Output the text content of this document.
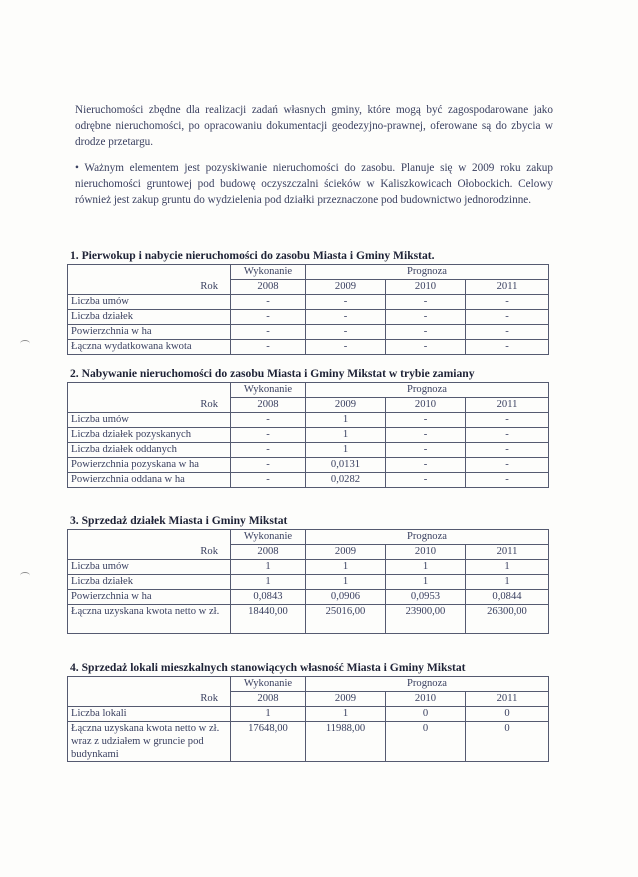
Nieruchomości zbędne dla realizacji zadań własnych gminy, które mogą być zagospodarowane jako odrębne nieruchomości, po opracowaniu dokumentacji geodezyjno-prawnej, oferowane są do zbycia w drodze przetargu.
• Ważnym elementem jest pozyskiwanie nieruchomości do zasobu. Planuje się w 2009 roku zakup nieruchomości gruntowej pod budowę oczyszczalni ścieków w Kaliszkowicach Ołobockich. Celowy również jest zakup gruntu do wydzielenia pod działki przeznaczone pod budownictwo jednorodzinne.
1. Pierwokup i nabycie nieruchomości do zasobu Miasta i Gminy Mikstat.
	Wykonanie	Prognoza		
Rok	2008	2009	2010	2011
Liczba umów	-	-	-	-
Liczba działek	-	-	-	-
Powierzchnia w ha	-	-	-	-
Łączna wydatkowana kwota	-	-	-	-
2. Nabywanie nieruchomości do zasobu Miasta i Gminy Mikstat w trybie zamiany
	Wykonanie	Prognoza		
Rok	2008	2009	2010	2011
Liczba umów	-	1	-	-
Liczba działek pozyskanych	-	1	-	-
Liczba działek oddanych	-	1	-	-
Powierzchnia pozyskana w ha	-	0,0131	-	-
Powierzchnia oddana w ha	-	0,0282	-	-
3. Sprzedaż działek Miasta i Gminy Mikstat
	Wykonanie	Prognoza		
Rok	2008	2009	2010	2011
Liczba umów	1	1	1	1
Liczba działek	1	1	1	1
Powierzchnia w ha	0,0843	0,0906	0,0953	0,0844
Łączna uzyskana kwota netto w zł.	18440,00	25016,00	23900,00	26300,00
4. Sprzedaż lokali mieszkalnych stanowiących własność Miasta i Gminy Mikstat
	Wykonanie	Prognoza		
Rok	2008	2009	2010	2011
Liczba lokali	1	1	0	0
Łączna uzyskana kwota netto w zł. wraz z udziałem w gruncie pod budynkami	17648,00	11988,00	0	0
